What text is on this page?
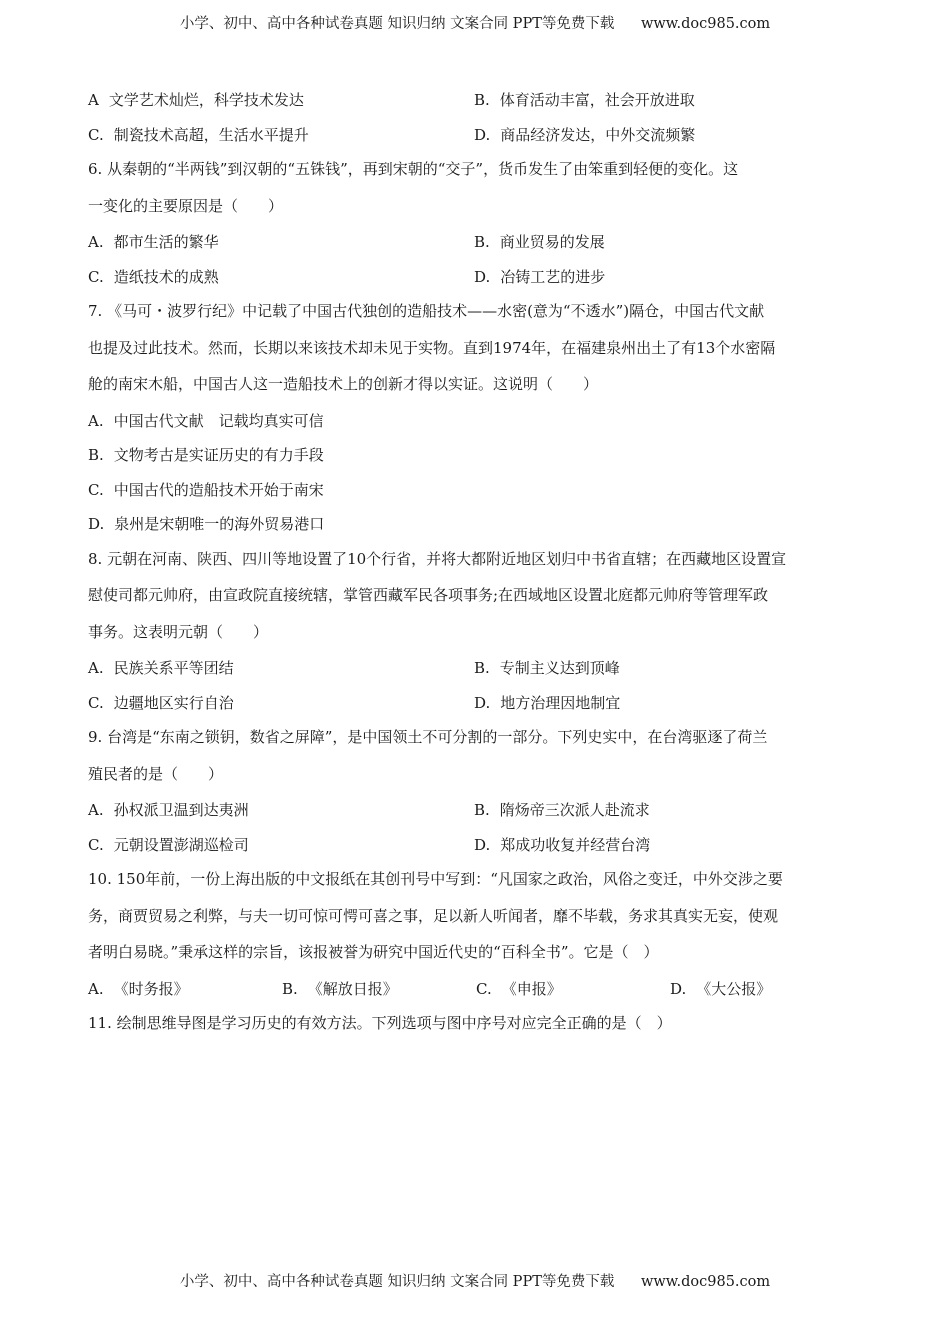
小学、初中、高中各种试卷真题 知识归纳 文案合同 PPT等免费下载 www.doc985.com
A 文学艺术灿烂，科学技术发达	B. 体育活动丰富，社会开放进取
C. 制瓷技术高超，生活水平提升	D. 商品经济发达，中外交流频繁
6. 从秦朝的“半两钱”到汉朝的“五铢钱”，再到宋朝的“交子”，货币发生了由笨重到轻便的变化。这
一变化的主要原因是（　　）
A. 都市生活的繁华	B. 商业贸易的发展
C. 造纸技术的成熟	D. 冶铸工艺的进步
7. 《马可・波罗行纪》中记载了中国古代独创的造船技术——水密(意为“不透水”)隔仓，中国古代文献
也提及过此技术。然而，长期以来该技术却未见于实物。直到1974年，在福建泉州出土了有13个水密隔
舱的南宋木船，中国古人这一造船技术上的创新才得以实证。这说明（　　）
A. 中国古代文献　记载均真实可信
B. 文物考古是实证历史的有力手段
C. 中国古代的造船技术开始于南宋
D. 泉州是宋朝唯一的海外贸易港口
8. 元朝在河南、陕西、四川等地设置了10个行省，并将大都附近地区划归中书省直辖；在西藏地区设置宣
慰使司都元帅府，由宣政院直接统辖，掌管西藏军民各项事务;在西域地区设置北庭都元帅府等管理军政
事务。这表明元朝（　　）
A. 民族关系平等团结	B. 专制主义达到顶峰
C. 边疆地区实行自治	D. 地方治理因地制宜
9. 台湾是“东南之锁钥，数省之屏障”，是中国领土不可分割的一部分。下列史实中，在台湾驱逐了荷兰
殖民者的是（　　）
A. 孙权派卫温到达夷洲	B. 隋炀帝三次派人赴流求
C. 元朝设置澎湖巡检司	D. 郑成功收复并经营台湾
10. 150年前，一份上海出版的中文报纸在其创刊号中写到：“凡国家之政治，风俗之变迁，中外交涉之要
务，商贾贸易之利弊，与夫一切可惊可愕可喜之事，足以新人听闻者，靡不毕载，务求其真实无妄，使观
者明白易晓。”秉承这样的宗旨，该报被誉为研究中国近代史的“百科全书”。它是（　）
A. 《时务报》	B. 《解放日报》	C. 《申报》	D. 《大公报》
11. 绘制思维导图是学习历史的有效方法。下列选项与图中序号对应完全正确的是（　）
小学、初中、高中各种试卷真题 知识归纳 文案合同 PPT等免费下载 www.doc985.com
